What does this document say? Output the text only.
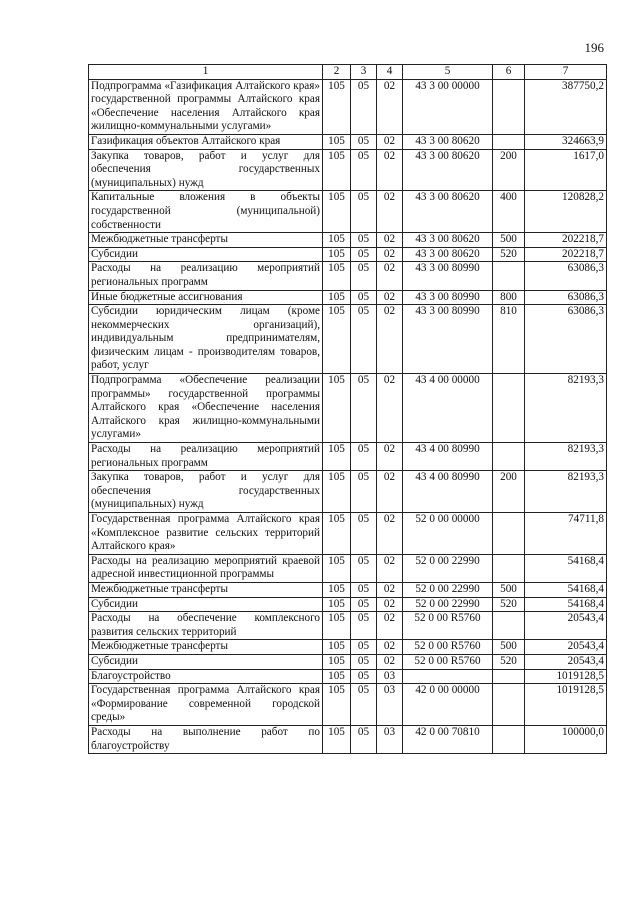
196
1	2	3	4	5	6	7
Подпрограмма «Газификация Алтайского края» государственной программы Алтайского края «Обеспечение населения Алтайского края жилищно-коммунальными услугами»	105	05	02	43 3 00 00000		387750,2
Газификация объектов Алтайского края	105	05	02	43 3 00 80620		324663,9
Закупка товаров, работ и услуг для обеспечения государственных (муниципальных) нужд	105	05	02	43 3 00 80620	200	1617,0
Капитальные вложения в объекты государственной (муниципальной) собственности	105	05	02	43 3 00 80620	400	120828,2
Межбюджетные трансферты	105	05	02	43 3 00 80620	500	202218,7
Субсидии	105	05	02	43 3 00 80620	520	202218,7
Расходы на реализацию мероприятий региональных программ	105	05	02	43 3 00 80990		63086,3
Иные бюджетные ассигнования	105	05	02	43 3 00 80990	800	63086,3
Субсидии юридическим лицам (кроме некоммерческих организаций), индивидуальным предпринимателям, физическим лицам - производителям товаров, работ, услуг	105	05	02	43 3 00 80990	810	63086,3
Подпрограмма «Обеспечение реализации программы» государственной программы Алтайского края «Обеспечение населения Алтайского края жилищно-коммунальными услугами»	105	05	02	43 4 00 00000		82193,3
Расходы на реализацию мероприятий региональных программ	105	05	02	43 4 00 80990		82193,3
Закупка товаров, работ и услуг для обеспечения государственных (муниципальных) нужд	105	05	02	43 4 00 80990	200	82193,3
Государственная программа Алтайского края «Комплексное развитие сельских территорий Алтайского края»	105	05	02	52 0 00 00000		74711,8
Расходы на реализацию мероприятий краевой адресной инвестиционной программы	105	05	02	52 0 00 22990		54168,4
Межбюджетные трансферты	105	05	02	52 0 00 22990	500	54168,4
Субсидии	105	05	02	52 0 00 22990	520	54168,4
Расходы на обеспечение комплексного развития сельских территорий	105	05	02	52 0 00 R5760		20543,4
Межбюджетные трансферты	105	05	02	52 0 00 R5760	500	20543,4
Субсидии	105	05	02	52 0 00 R5760	520	20543,4
Благоустройство	105	05	03			1019128,5
Государственная программа Алтайского края «Формирование современной городской среды»	105	05	03	42 0 00 00000		1019128,5
Расходы на выполнение работ по благоустройству	105	05	03	42 0 00 70810		100000,0
